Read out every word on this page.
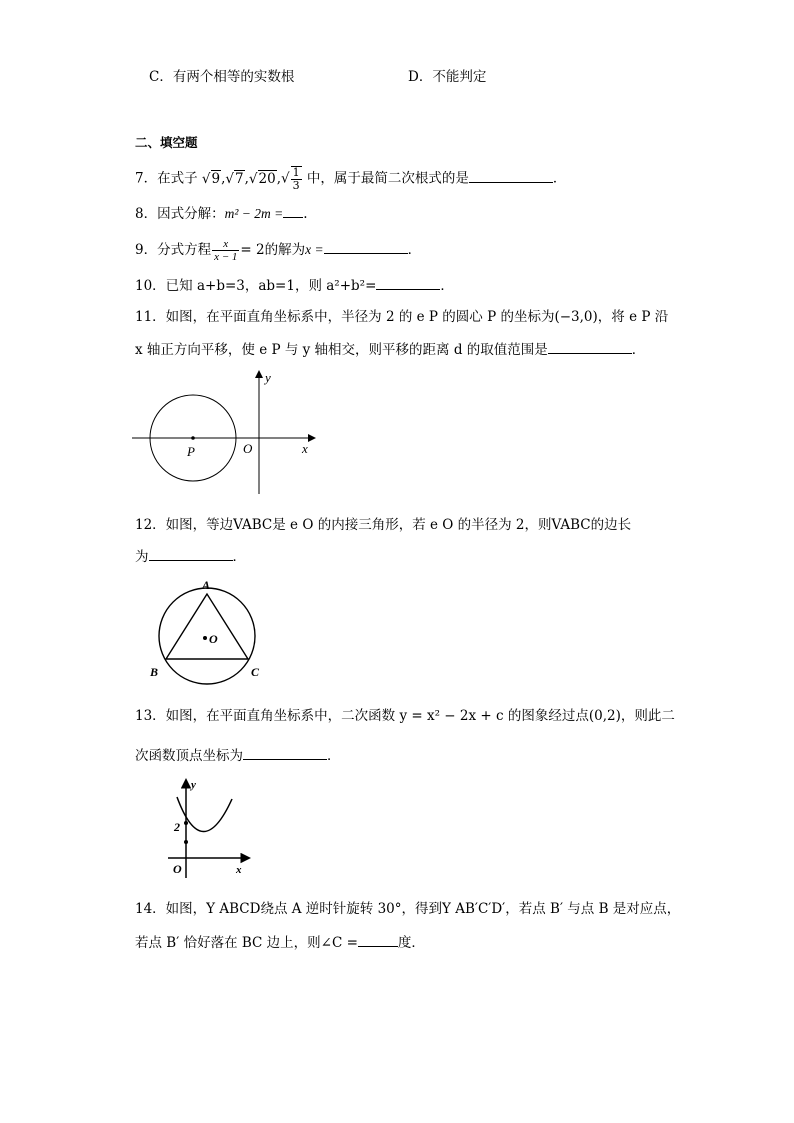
C．有两个相等的实数根	D．不能判定
二、填空题
7．在式子 $√9,√7,√20,√ \frac{1}{3}$ 中，属于最简二次根式的是	．
8．因式分解：m² − 2m = .
9．分式方程 $\frac{x}{x - 1} = 2$的解为x =	．
10．已知 a+b=3，ab=1，则 a²+b²=	．
11．如图，在平面直角坐标系中，半径为 2 的 e P 的圆心 P 的坐标为(−3,0)，将 e P 沿
x 轴正方向平移，使 e P 与 y 轴相交，则平移的距离 d 的取值范围是	．
y
x
P	O
12．如图，等边VABC是 e O 的内接三角形，若 e O 的半径为 2，则VABC的边长
为	．
A
B	C
O
13．如图，在平面直角坐标系中，二次函数 y = x² − 2x + c 的图象经过点(0,2)，则此二
次函数顶点坐标为	．
y
x
2
O
14．如图，Y ABCD绕点 A 逆时针旋转 30°，得到Y AB′C′D′，若点 B′ 与点 B 是对应点，
若点 B′ 恰好落在 BC 边上，则∠C =	度．
